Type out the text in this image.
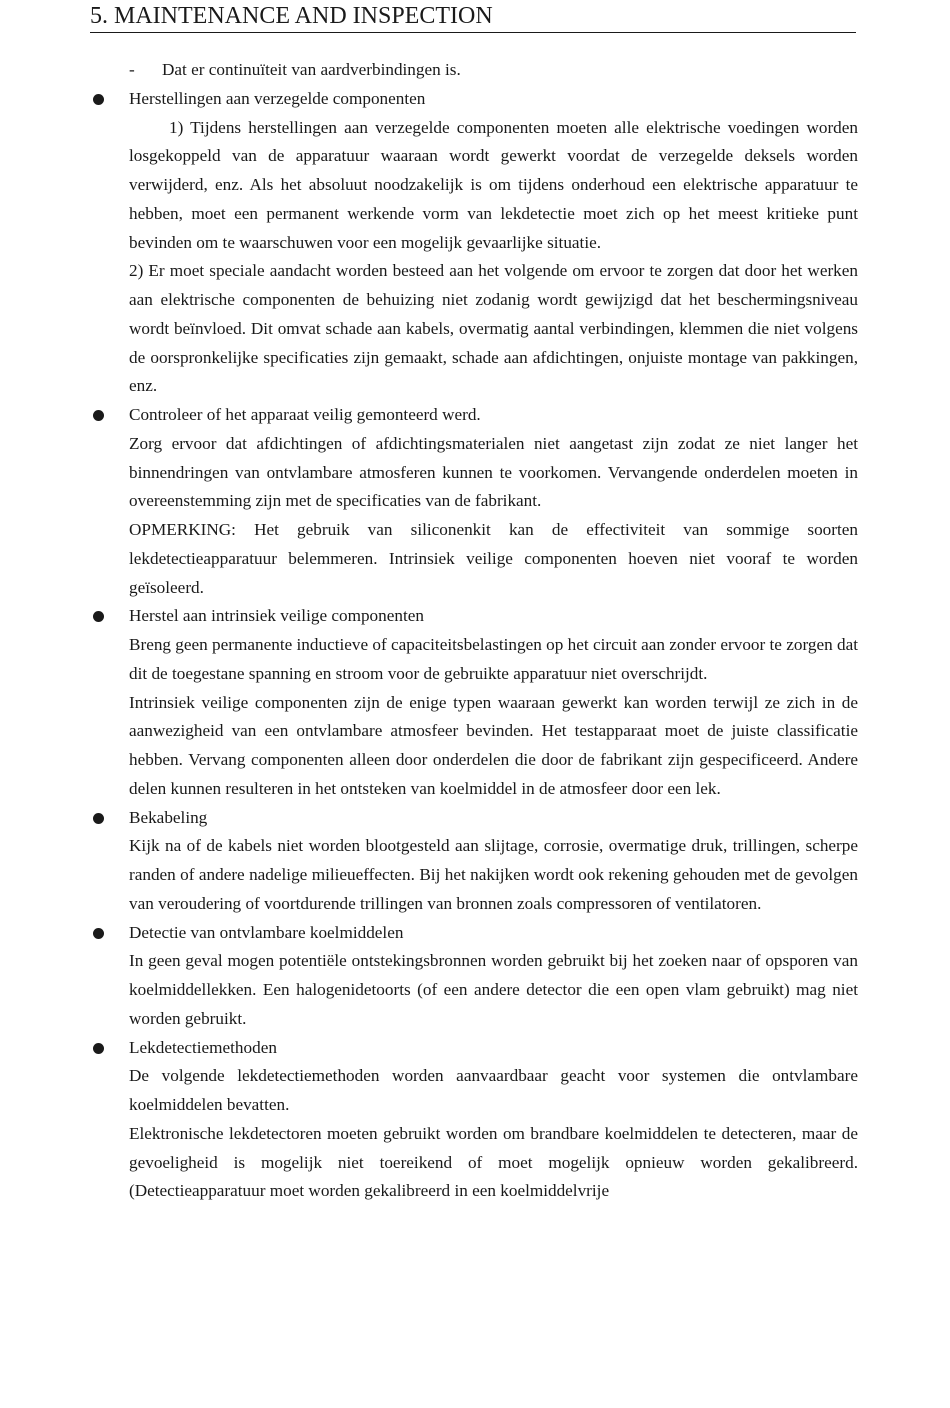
5. MAINTENANCE AND INSPECTION
- Dat er continuïteit van aardverbindingen is.
Herstellingen aan verzegelde componenten
1) Tijdens herstellingen aan verzegelde componenten moeten alle elektrische voedingen worden losgekoppeld van de apparatuur waaraan wordt gewerkt voordat de verzegelde deksels worden verwijderd, enz. Als het absoluut noodzakelijk is om tijdens onderhoud een elektrische apparatuur te hebben, moet een permanent werkende vorm van lekdetectie moet zich op het meest kritieke punt bevinden om te waarschuwen voor een mogelijk gevaarlijke situatie.
2) Er moet speciale aandacht worden besteed aan het volgende om ervoor te zorgen dat door het werken aan elektrische componenten de behuizing niet zodanig wordt gewijzigd dat het beschermingsniveau wordt beïnvloed. Dit omvat schade aan kabels, overmatig aantal verbindingen, klemmen die niet volgens de oorspronkelijke specificaties zijn gemaakt, schade aan afdichtingen, onjuiste montage van pakkingen, enz.
Controleer of het apparaat veilig gemonteerd werd.
Zorg ervoor dat afdichtingen of afdichtingsmaterialen niet aangetast zijn zodat ze niet langer het binnendringen van ontvlambare atmosferen kunnen te voorkomen. Vervangende onderdelen moeten in overeenstemming zijn met de specificaties van de fabrikant.
OPMERKING: Het gebruik van siliconenkit kan de effectiviteit van sommige soorten lekdetectieapparatuur belemmeren. Intrinsiek veilige componenten hoeven niet vooraf te worden geïsoleerd.
Herstel aan intrinsiek veilige componenten
Breng geen permanente inductieve of capaciteitsbelastingen op het circuit aan zonder ervoor te zorgen dat dit de toegestane spanning en stroom voor de gebruikte apparatuur niet overschrijdt.
Intrinsiek veilige componenten zijn de enige typen waaraan gewerkt kan worden terwijl ze zich in de aanwezigheid van een ontvlambare atmosfeer bevinden. Het testapparaat moet de juiste classificatie hebben. Vervang componenten alleen door onderdelen die door de fabrikant zijn gespecificeerd. Andere delen kunnen resulteren in het ontsteken van koelmiddel in de atmosfeer door een lek.
Bekabeling
Kijk na of de kabels niet worden blootgesteld aan slijtage, corrosie, overmatige druk, trillingen, scherpe randen of andere nadelige milieueffecten. Bij het nakijken wordt ook rekening gehouden met de gevolgen van veroudering of voortdurende trillingen van bronnen zoals compressoren of ventilatoren.
Detectie van ontvlambare koelmiddelen
In geen geval mogen potentiële ontstekingsbronnen worden gebruikt bij het zoeken naar of opsporen van koelmiddellekken. Een halogenidetoorts (of een andere detector die een open vlam gebruikt) mag niet worden gebruikt.
Lekdetectiemethoden
De volgende lekdetectiemethoden worden aanvaardbaar geacht voor systemen die ontvlambare koelmiddelen bevatten.
Elektronische lekdetectoren moeten gebruikt worden om brandbare koelmiddelen te detecteren, maar de gevoeligheid is mogelijk niet toereikend of moet mogelijk opnieuw worden gekalibreerd. (Detectieapparatuur moet worden gekalibreerd in een koelmiddelvrije
